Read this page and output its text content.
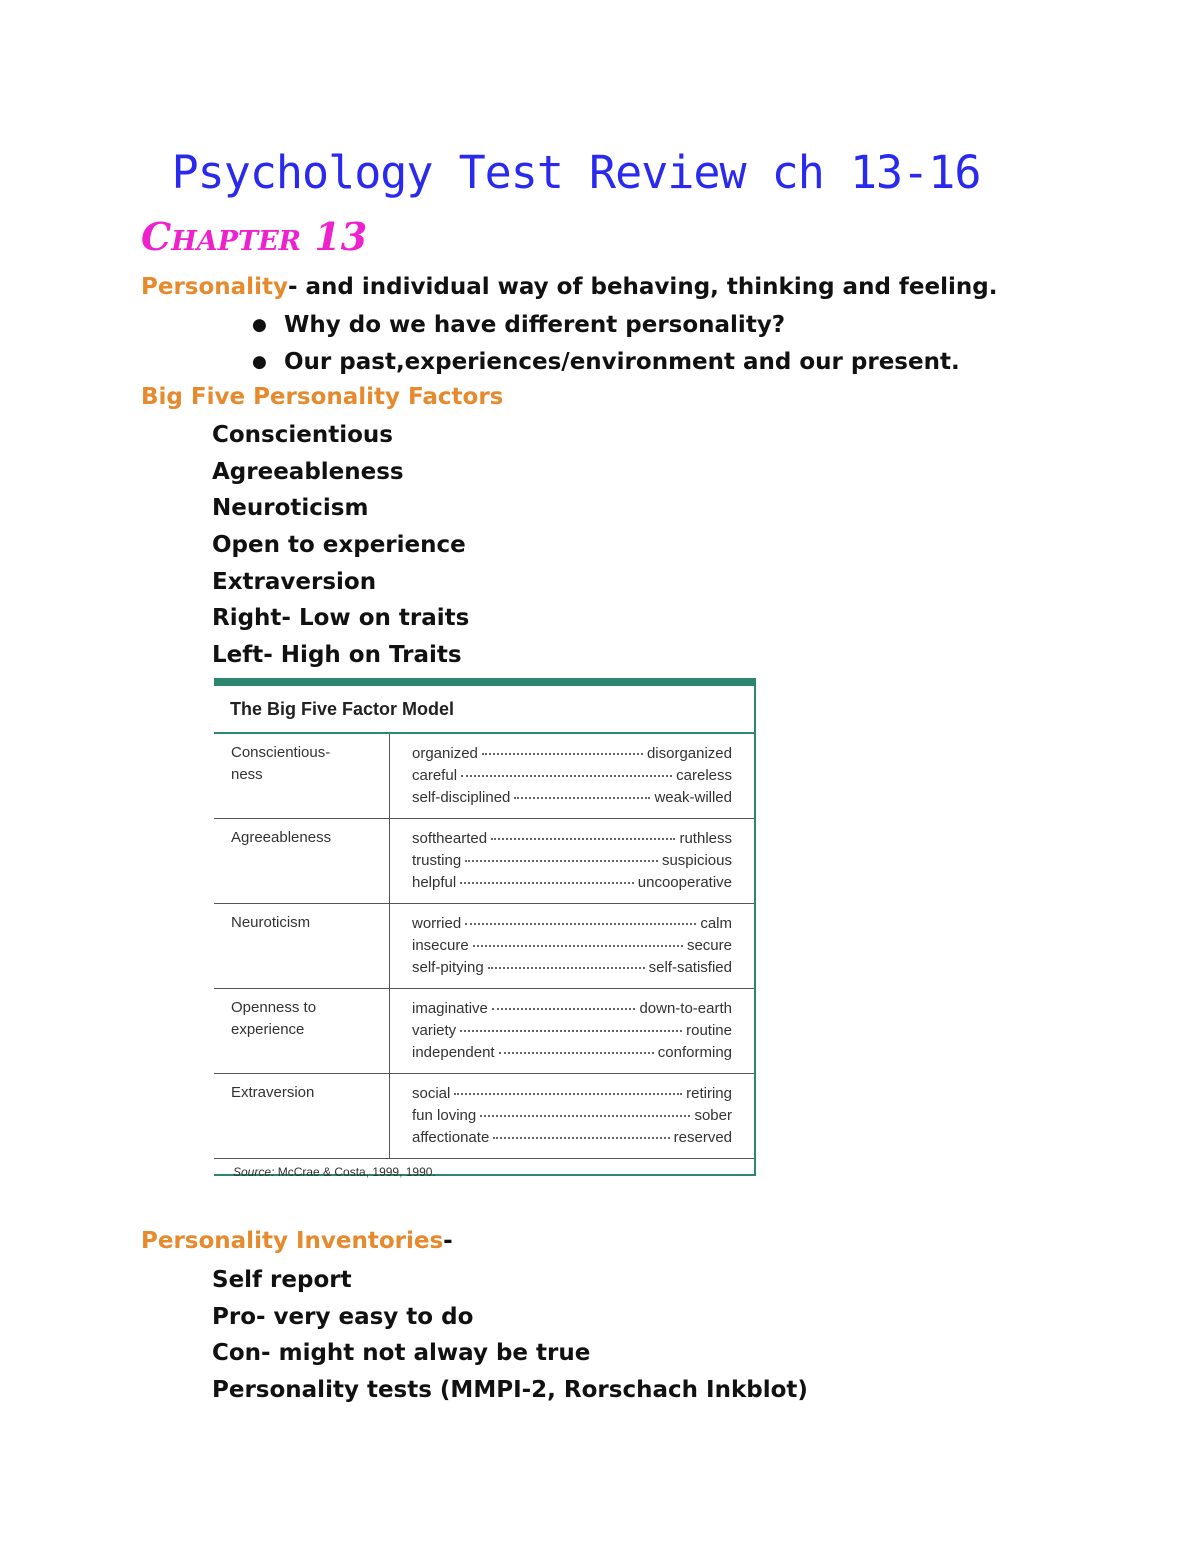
Psychology Test Review ch 13-16
Chapter 13
Personality- and individual way of behaving, thinking and feeling.
● Why do we have different personality?
● Our past,experiences/environment and our present.
Big Five Personality Factors
Conscientious
Agreeableness
Neuroticism
Open to experience
Extraversion
Right- Low on traits
Left- High on Traits
The Big Five Factor Model
Conscientious-
ness
organized	disorganized
careful	careless
self-disciplined	weak-willed
Agreeableness	softhearted	ruthless
trusting	suspicious
helpful	uncooperative
Neuroticism	worried	calm
insecure	secure
self-pitying	self-satisfied
Openness to
experience
imaginative	down-to-earth
variety	routine
independent	conforming
Extraversion	social	retiring
fun loving	sober
affectionate	reserved
Source: McCrae & Costa, 1999, 1990.
Personality Inventories-
Self report
Pro- very easy to do
Con- might not alway be true
Personality tests (MMPI-2, Rorschach Inkblot)
